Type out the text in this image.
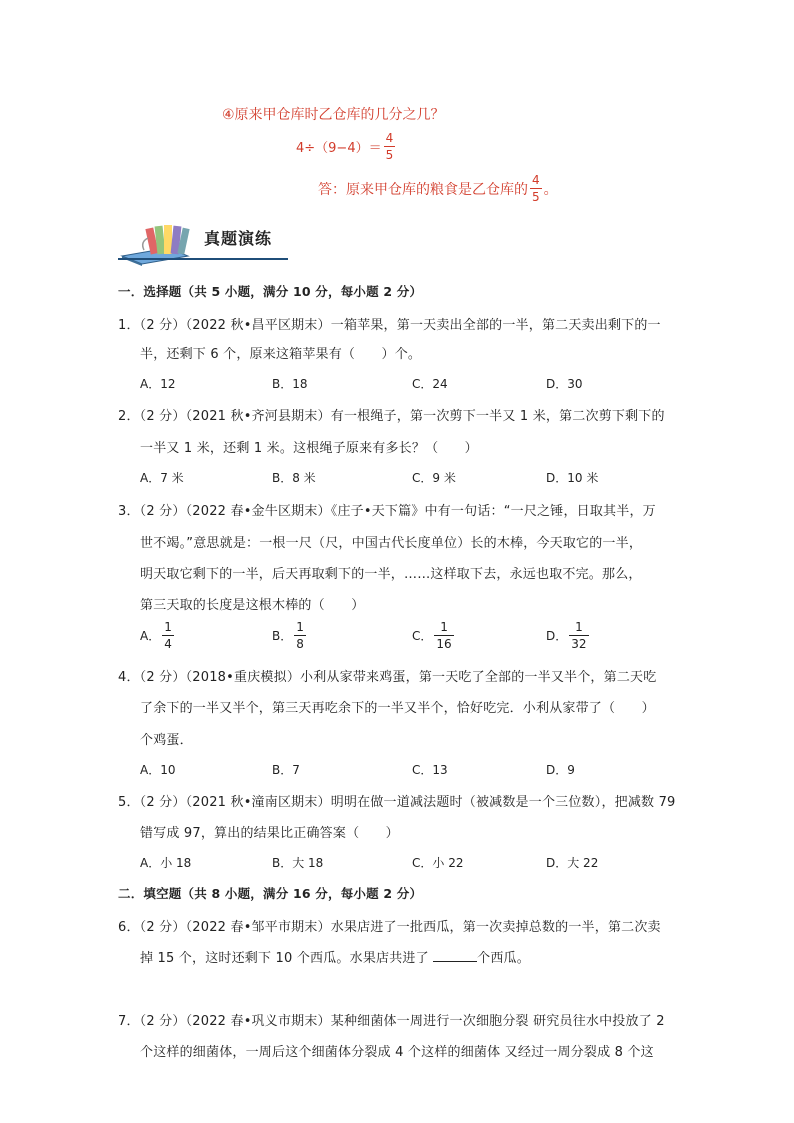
④原来甲仓库时乙仓库的几分之几？
$4\div(9-4)= \frac{4}{5}$
答：原来甲仓库的粮食是乙仓库的 $\frac{4}{5}$ 。
真题演练
一．选择题（共 5 小题，满分 10 分，每小题 2 分）
1．（2 分）（2022 秋•昌平区期末）一箱苹果，第一天卖出全部的一半，第二天卖出剩下的一
半，还剩下 6 个，原来这箱苹果有（　　）个。
A．12	B．18	C．24	D．30
2．（2 分）（2021 秋•齐河县期末）有一根绳子，第一次剪下一半又 1 米，第二次剪下剩下的
一半又 1 米，还剩 1 米。这根绳子原来有多长？（　　）
A．7 米	B．8 米	C．9 米	D．10 米
3．（2 分）（2022 春•金牛区期末）《庄子•天下篇》中有一句话：“一尺之锤，日取其半，万
世不竭。”意思就是：一根一尺（尺，中国古代长度单位）长的木棒，今天取它的一半，
明天取它剩下的一半，后天再取剩下的一半，……这样取下去，永远也取不完。那么，
第三天取的长度是这根木棒的（　　）
A． $\frac{1}{4}$	B． $\frac{1}{8}$	C． $\frac{1}{16}$	D． $\frac{1}{32}$
4．（2 分）（2018•重庆模拟）小利从家带来鸡蛋，第一天吃了全部的一半又半个，第二天吃
了余下的一半又半个，第三天再吃余下的一半又半个，恰好吃完．小利从家带了（　　）
个鸡蛋．
A．10	B．7	C．13	D．9
5．（2 分）（2021 秋•潼南区期末）明明在做一道减法题时（被减数是一个三位数），把减数 79
错写成 97，算出的结果比正确答案（　　）
A．小 18	B．大 18	C．小 22	D．大 22
二．填空题（共 8 小题，满分 16 分，每小题 2 分）
6．（2 分）（2022 春•邹平市期末）水果店进了一批西瓜，第一次卖掉总数的一半，第二次卖
掉 15 个，这时还剩下 10 个西瓜。水果店共进了	个西瓜。
7．（2 分）（2022 春•巩义市期末）某种细菌体一周进行一次细胞分裂 研究员往水中投放了 2
个这样的细菌体，一周后这个细菌体分裂成 4 个这样的细菌体 又经过一周分裂成 8 个这
